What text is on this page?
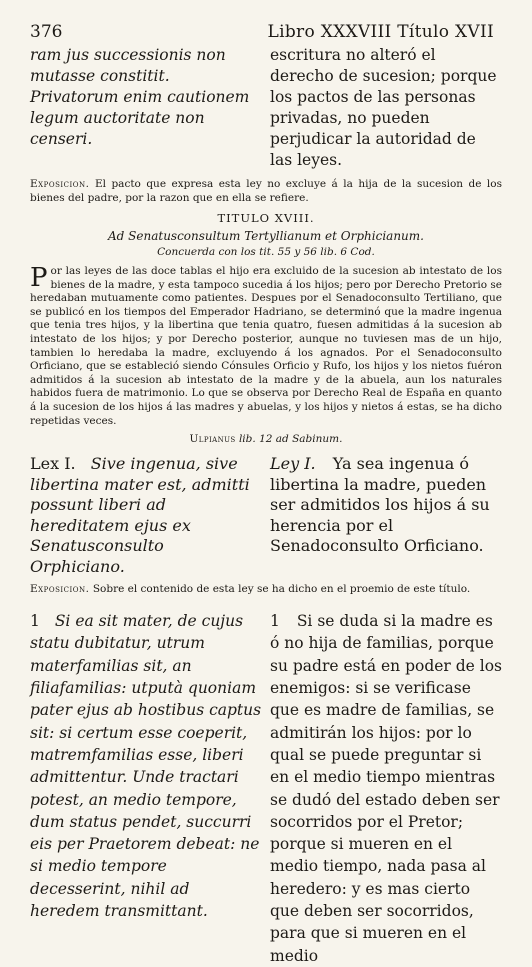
376	Libro XXXVIII Título XVII
ram jus successionis non mutasse constitit. Privatorum enim cautionem legum auctoritate non censeri.
escritura no alteró el derecho de sucesion; porque los pactos de las personas privadas, no pueden perjudicar la autoridad de las leyes.
Exposicion. El pacto que expresa esta ley no excluye á la hija de la sucesion de los bienes del padre, por la razon que en ella se refiere.
TITULO XVIII.
Ad Senatusconsultum Tertyllianum et Orphicianum.
Concuerda con los tit. 55 y 56 lib. 6 Cod.
P or las leyes de las doce tablas el hijo era excluido de la sucesion ab intestato de los bienes de la madre, y esta tampoco sucedia á los hijos; pero por Derecho Pretorio se heredaban mutuamente como patientes. Despues por el Senadoconsulto Tertiliano, que se publicó en los tiempos del Emperador Hadriano, se determinó que la madre ingenua que tenia tres hijos, y la libertina que tenia quatro, fuesen admitidas á la sucesion ab intestato de los hijos; y por Derecho posterior, aunque no tuviesen mas de un hijo, tambien lo heredaba la madre, excluyendo á los agnados. Por el Senadoconsulto Orficiano, que se estableció siendo Cónsules Orficio y Rufo, los hijos y los nietos fuéron admitidos á la sucesion ab intestato de la madre y de la abuela, aun los naturales habidos fuera de matrimonio. Lo que se observa por Derecho Real de España en quanto á la sucesion de los hijos á las madres y abuelas, y los hijos y nietos á estas, se ha dicho repetidas veces.
Ulpianus lib. 12 ad Sabinum.
Lex I. Sive ingenua, sive libertina mater est, admitti possunt liberi ad hereditatem ejus ex Senatusconsulto Orphiciano.
Ley I. Ya sea ingenua ó libertina la madre, pueden ser admitidos los hijos á su herencia por el Senadoconsulto Orficiano.
Exposicion. Sobre el contenido de esta ley se ha dicho en el proemio de este título.
1 Si ea sit mater, de cujus statu dubitatur, utrum materfamilias sit, an filiafamilias: utputà quoniam pater ejus ab hostibus captus sit: si certum esse coeperit, matremfamilias esse, liberi admittentur. Unde tractari potest, an medio tempore, dum status pendet, succurri eis per Praetorem debeat: ne si medio tempore decesserint, nihil ad heredem transmittant.
1 Si se duda si la madre es ó no hija de familias, porque su padre está en poder de los enemigos: si se verificase que es madre de familias, se admitirán los hijos: por lo qual se puede preguntar si en el medio tiempo mientras se dudó del estado deben ser socorridos por el Pretor; porque si mueren en el medio tiempo, nada pasa al heredero: y es mas cierto que deben ser socorridos, para que si mueren en el medio
